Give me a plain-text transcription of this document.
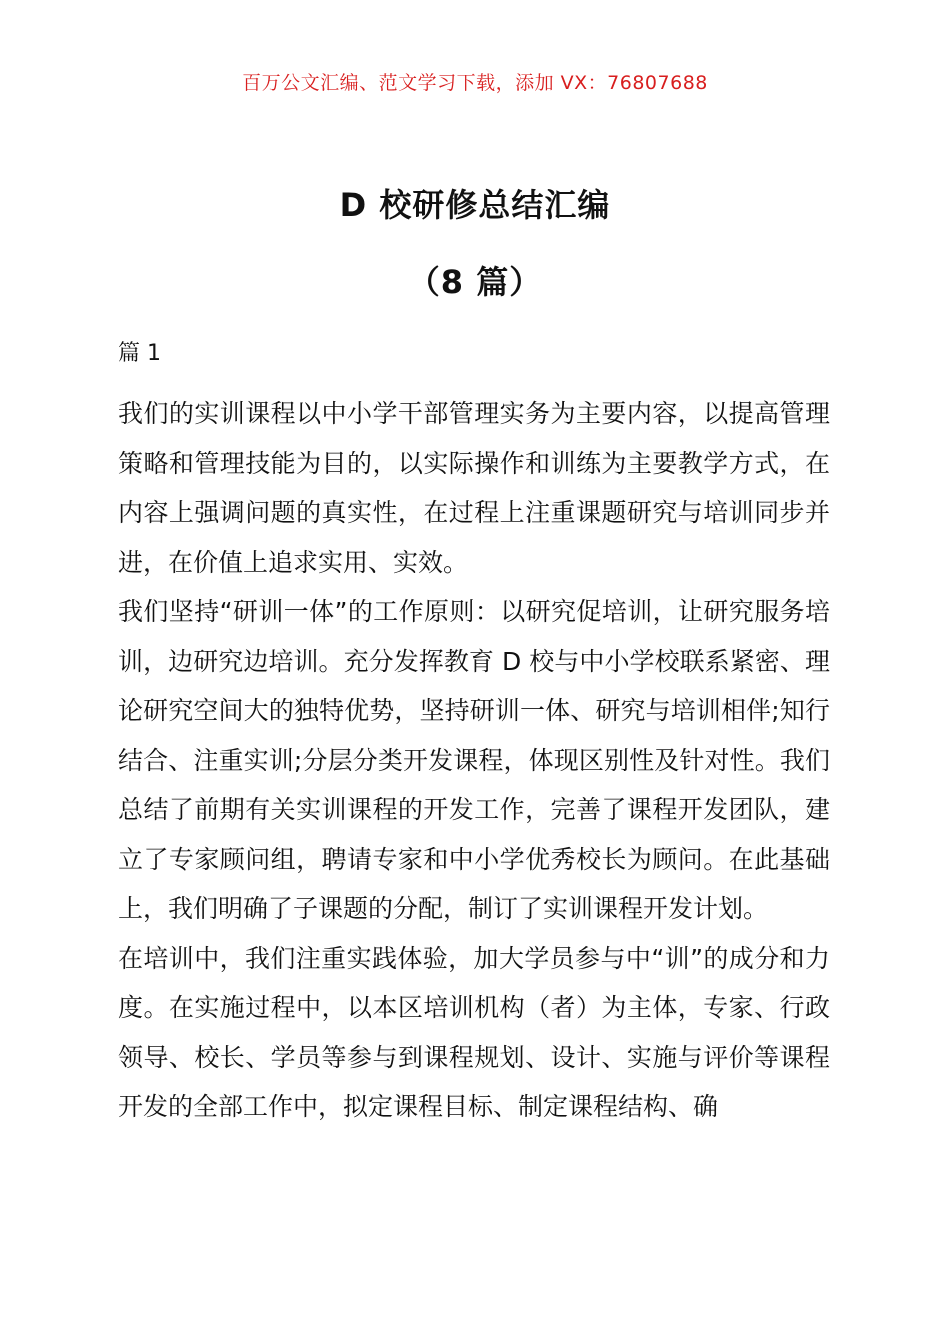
百万公文汇编、范文学习下载，添加 VX：76807688
D 校研修总结汇编
（8 篇）
篇 1

我们的实训课程以中小学干部管理实务为主要内容，以提高管理策略和管理技能为目的，以实际操作和训练为主要教学方式，在内容上强调问题的真实性，在过程上注重课题研究与培训同步并进，在价值上追求实用、实效。

我们坚持“研训一体”的工作原则：以研究促培训，让研究服务培训，边研究边培训。充分发挥教育 D 校与中小学校联系紧密、理论研究空间大的独特优势，坚持研训一体、研究与培训相伴;知行结合、注重实训;分层分类开发课程，体现区别性及针对性。我们总结了前期有关实训课程的开发工作，完善了课程开发团队，建立了专家顾问组，聘请专家和中小学优秀校长为顾问。在此基础上，我们明确了子课题的分配，制订了实训课程开发计划。

在培训中，我们注重实践体验，加大学员参与中“训”的成分和力度。在实施过程中，以本区培训机构（者）为主体，专家、行政领导、校长、学员等参与到课程规划、设计、实施与评价等课程开发的全部工作中，拟定课程目标、制定课程结构、确
